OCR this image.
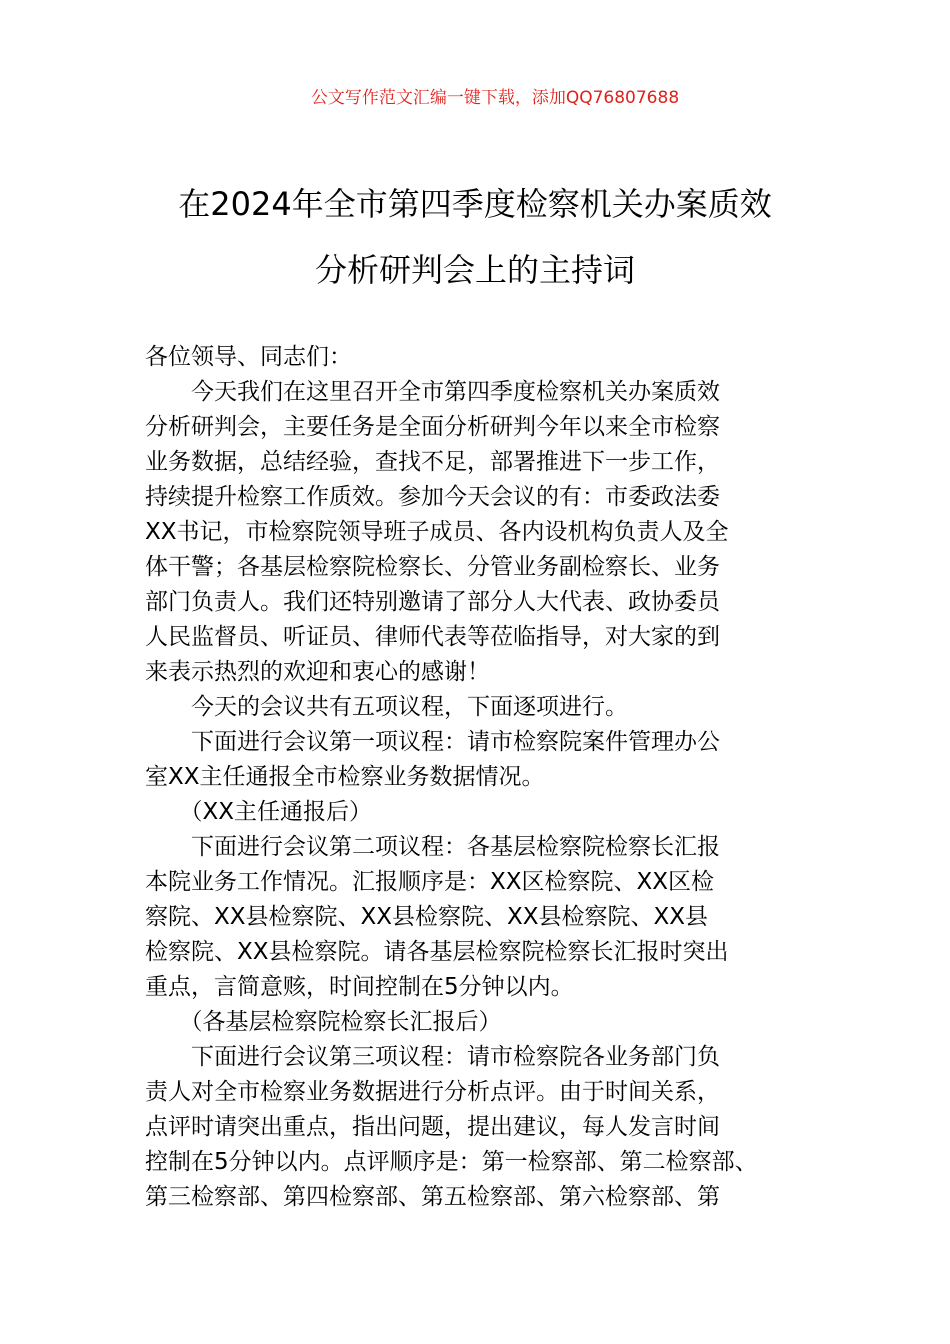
公文写作范文汇编一键下载，添加QQ76807688
在2024年全市第四季度检察机关办案质效
分析研判会上的主持词
各位领导、同志们：
　　今天我们在这里召开全市第四季度检察机关办案质效
分析研判会，主要任务是全面分析研判今年以来全市检察
业务数据，总结经验，查找不足，部署推进下一步工作，
持续提升检察工作质效。参加今天会议的有：市委政法委
XX书记，市检察院领导班子成员、各内设机构负责人及全
体干警；各基层检察院检察长、分管业务副检察长、业务
部门负责人。我们还特别邀请了部分人大代表、政协委员
人民监督员、听证员、律师代表等莅临指导，对大家的到
来表示热烈的欢迎和衷心的感谢！
　　今天的会议共有五项议程，下面逐项进行。
　　下面进行会议第一项议程：请市检察院案件管理办公
室XX主任通报全市检察业务数据情况。
　　（XX主任通报后）
　　下面进行会议第二项议程：各基层检察院检察长汇报
本院业务工作情况。汇报顺序是：XX区检察院、XX区检
察院、XX县检察院、XX县检察院、XX县检察院、XX县
检察院、XX县检察院。请各基层检察院检察长汇报时突出
重点，言简意赅，时间控制在5分钟以内。
　　（各基层检察院检察长汇报后）
　　下面进行会议第三项议程：请市检察院各业务部门负
责人对全市检察业务数据进行分析点评。由于时间关系，
点评时请突出重点，指出问题，提出建议，每人发言时间
控制在5分钟以内。点评顺序是：第一检察部、第二检察部、
第三检察部、第四检察部、第五检察部、第六检察部、第
